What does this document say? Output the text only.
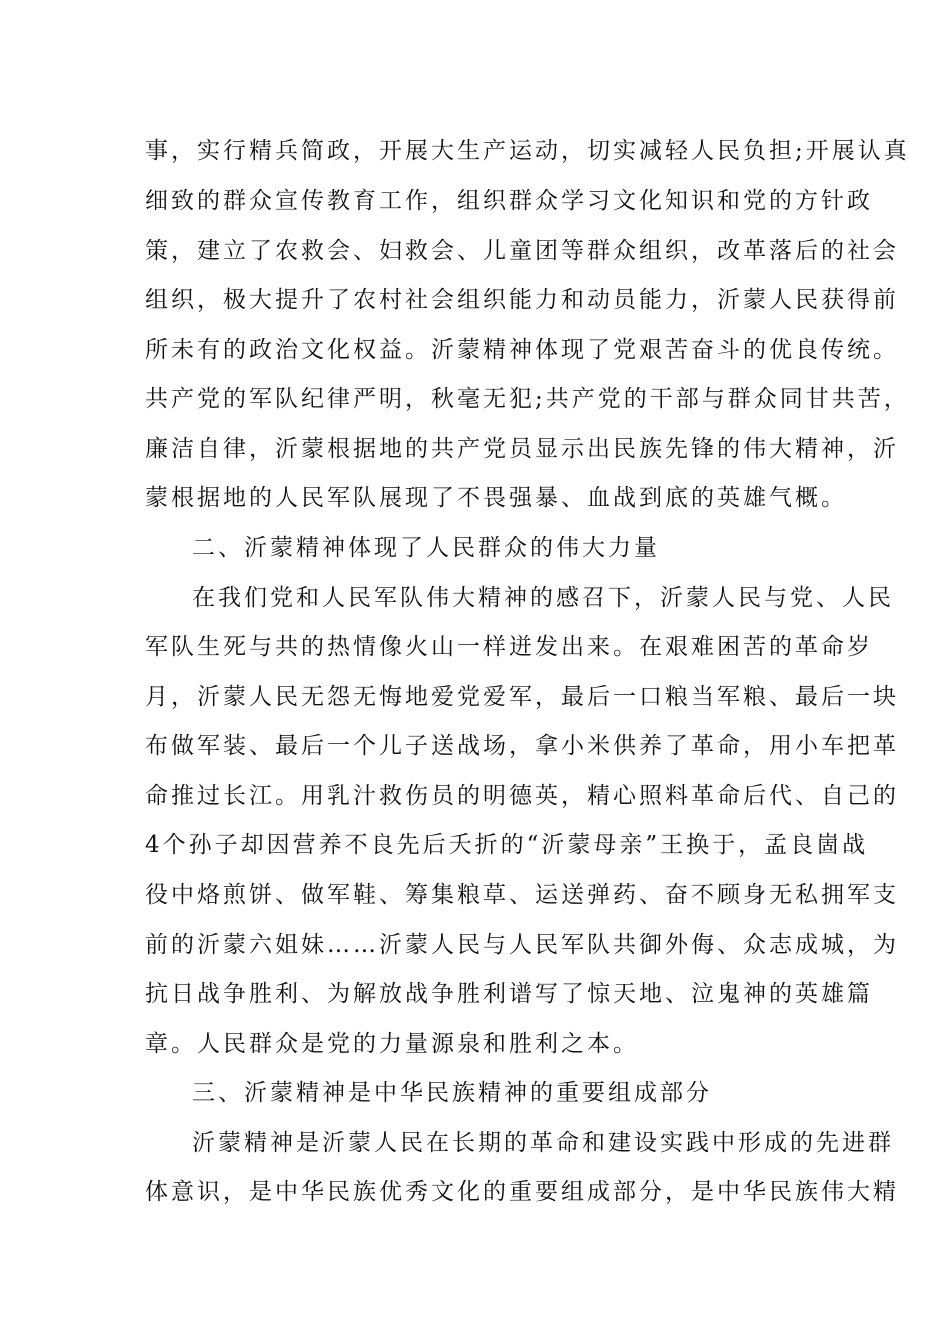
事，实行精兵简政，开展大生产运动，切实减轻人民负担;开展认真
细致的群众宣传教育工作，组织群众学习文化知识和党的方针政
策，建立了农救会、妇救会、儿童团等群众组织，改革落后的社会
组织，极大提升了农村社会组织能力和动员能力，沂蒙人民获得前
所未有的政治文化权益。沂蒙精神体现了党艰苦奋斗的优良传统。
共产党的军队纪律严明，秋毫无犯;共产党的干部与群众同甘共苦，
廉洁自律，沂蒙根据地的共产党员显示出民族先锋的伟大精神，沂
蒙根据地的人民军队展现了不畏强暴、血战到底的英雄气概。
二、沂蒙精神体现了人民群众的伟大力量
在我们党和人民军队伟大精神的感召下，沂蒙人民与党、人民
军队生死与共的热情像火山一样迸发出来。在艰难困苦的革命岁
月，沂蒙人民无怨无悔地爱党爱军，最后一口粮当军粮、最后一块
布做军装、最后一个儿子送战场，拿小米供养了革命，用小车把革
命推过长江。用乳汁救伤员的明德英，精心照料革命后代、自己的
4个孙子却因营养不良先后夭折的“沂蒙母亲”王换于，孟良崮战
役中烙煎饼、做军鞋、筹集粮草、运送弹药、奋不顾身无私拥军支
前的沂蒙六姐妹……沂蒙人民与人民军队共御外侮、众志成城，为
抗日战争胜利、为解放战争胜利谱写了惊天地、泣鬼神的英雄篇
章。人民群众是党的力量源泉和胜利之本。
三、沂蒙精神是中华民族精神的重要组成部分
沂蒙精神是沂蒙人民在长期的革命和建设实践中形成的先进群
体意识，是中华民族优秀文化的重要组成部分，是中华民族伟大精
